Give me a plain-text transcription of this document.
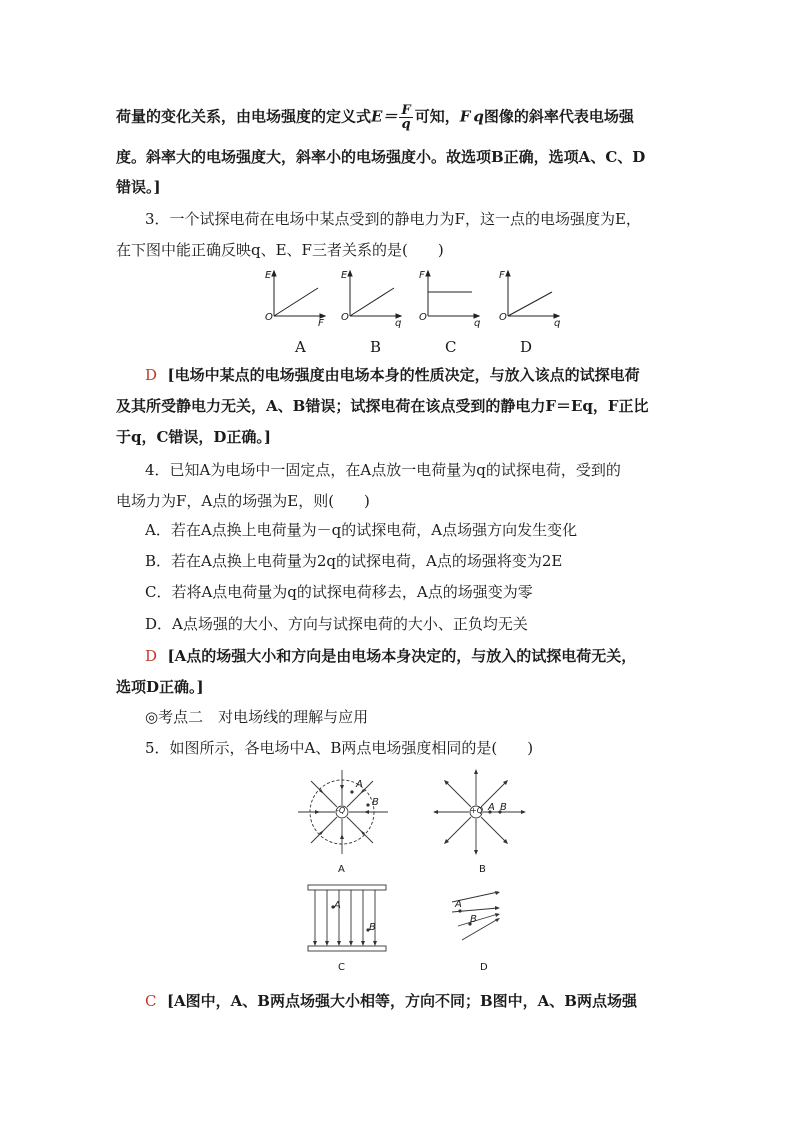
荷量的变化关系，由电场强度的定义式$E= \frac{F}{q}$ 可知，F q图像的斜率代表电场强
度。斜率大的电场强度大，斜率小的电场强度小。故选项B正确，选项A、C、D
错误。]
3．一个试探电荷在电场中某点受到的静电力为F，这一点的电场强度为E，
在下图中能正确反映q、E、F三者关系的是(　　)
E
O
F
E
O
q
F
O
q
F
O
q
A	B	C	D
D [电场中某点的电场强度由电场本身的性质决定，与放入该点的试探电荷
及其所受静电力无关，A、B错误；试探电荷在该点受到的静电力F＝Eq，F正比
于q，C错误，D正确。]
4．已知A为电场中一固定点，在A点放一电荷量为q的试探电荷，受到的
电场力为F，A点的场强为E，则(　　)
A．若在A点换上电荷量为－q的试探电荷，A点场强方向发生变化
B．若在A点换上电荷量为2q的试探电荷，A点的场强将变为2E
C．若将A点电荷量为q的试探电荷移去，A点的场强变为零
D．A点场强的大小、方向与试探电荷的大小、正负均无关
D [A点的场强大小和方向是由电场本身决定的，与放入的试探电荷无关，
选项D正确。]
◎考点二　对电场线的理解与应用
5．如图所示，各电场中A、B两点电场强度相同的是(　　)
-Q
A
B
A
+Q A B
B
A
B
C
A
B
D
C [A图中，A、B两点场强大小相等，方向不同；B图中，A、B两点场强
